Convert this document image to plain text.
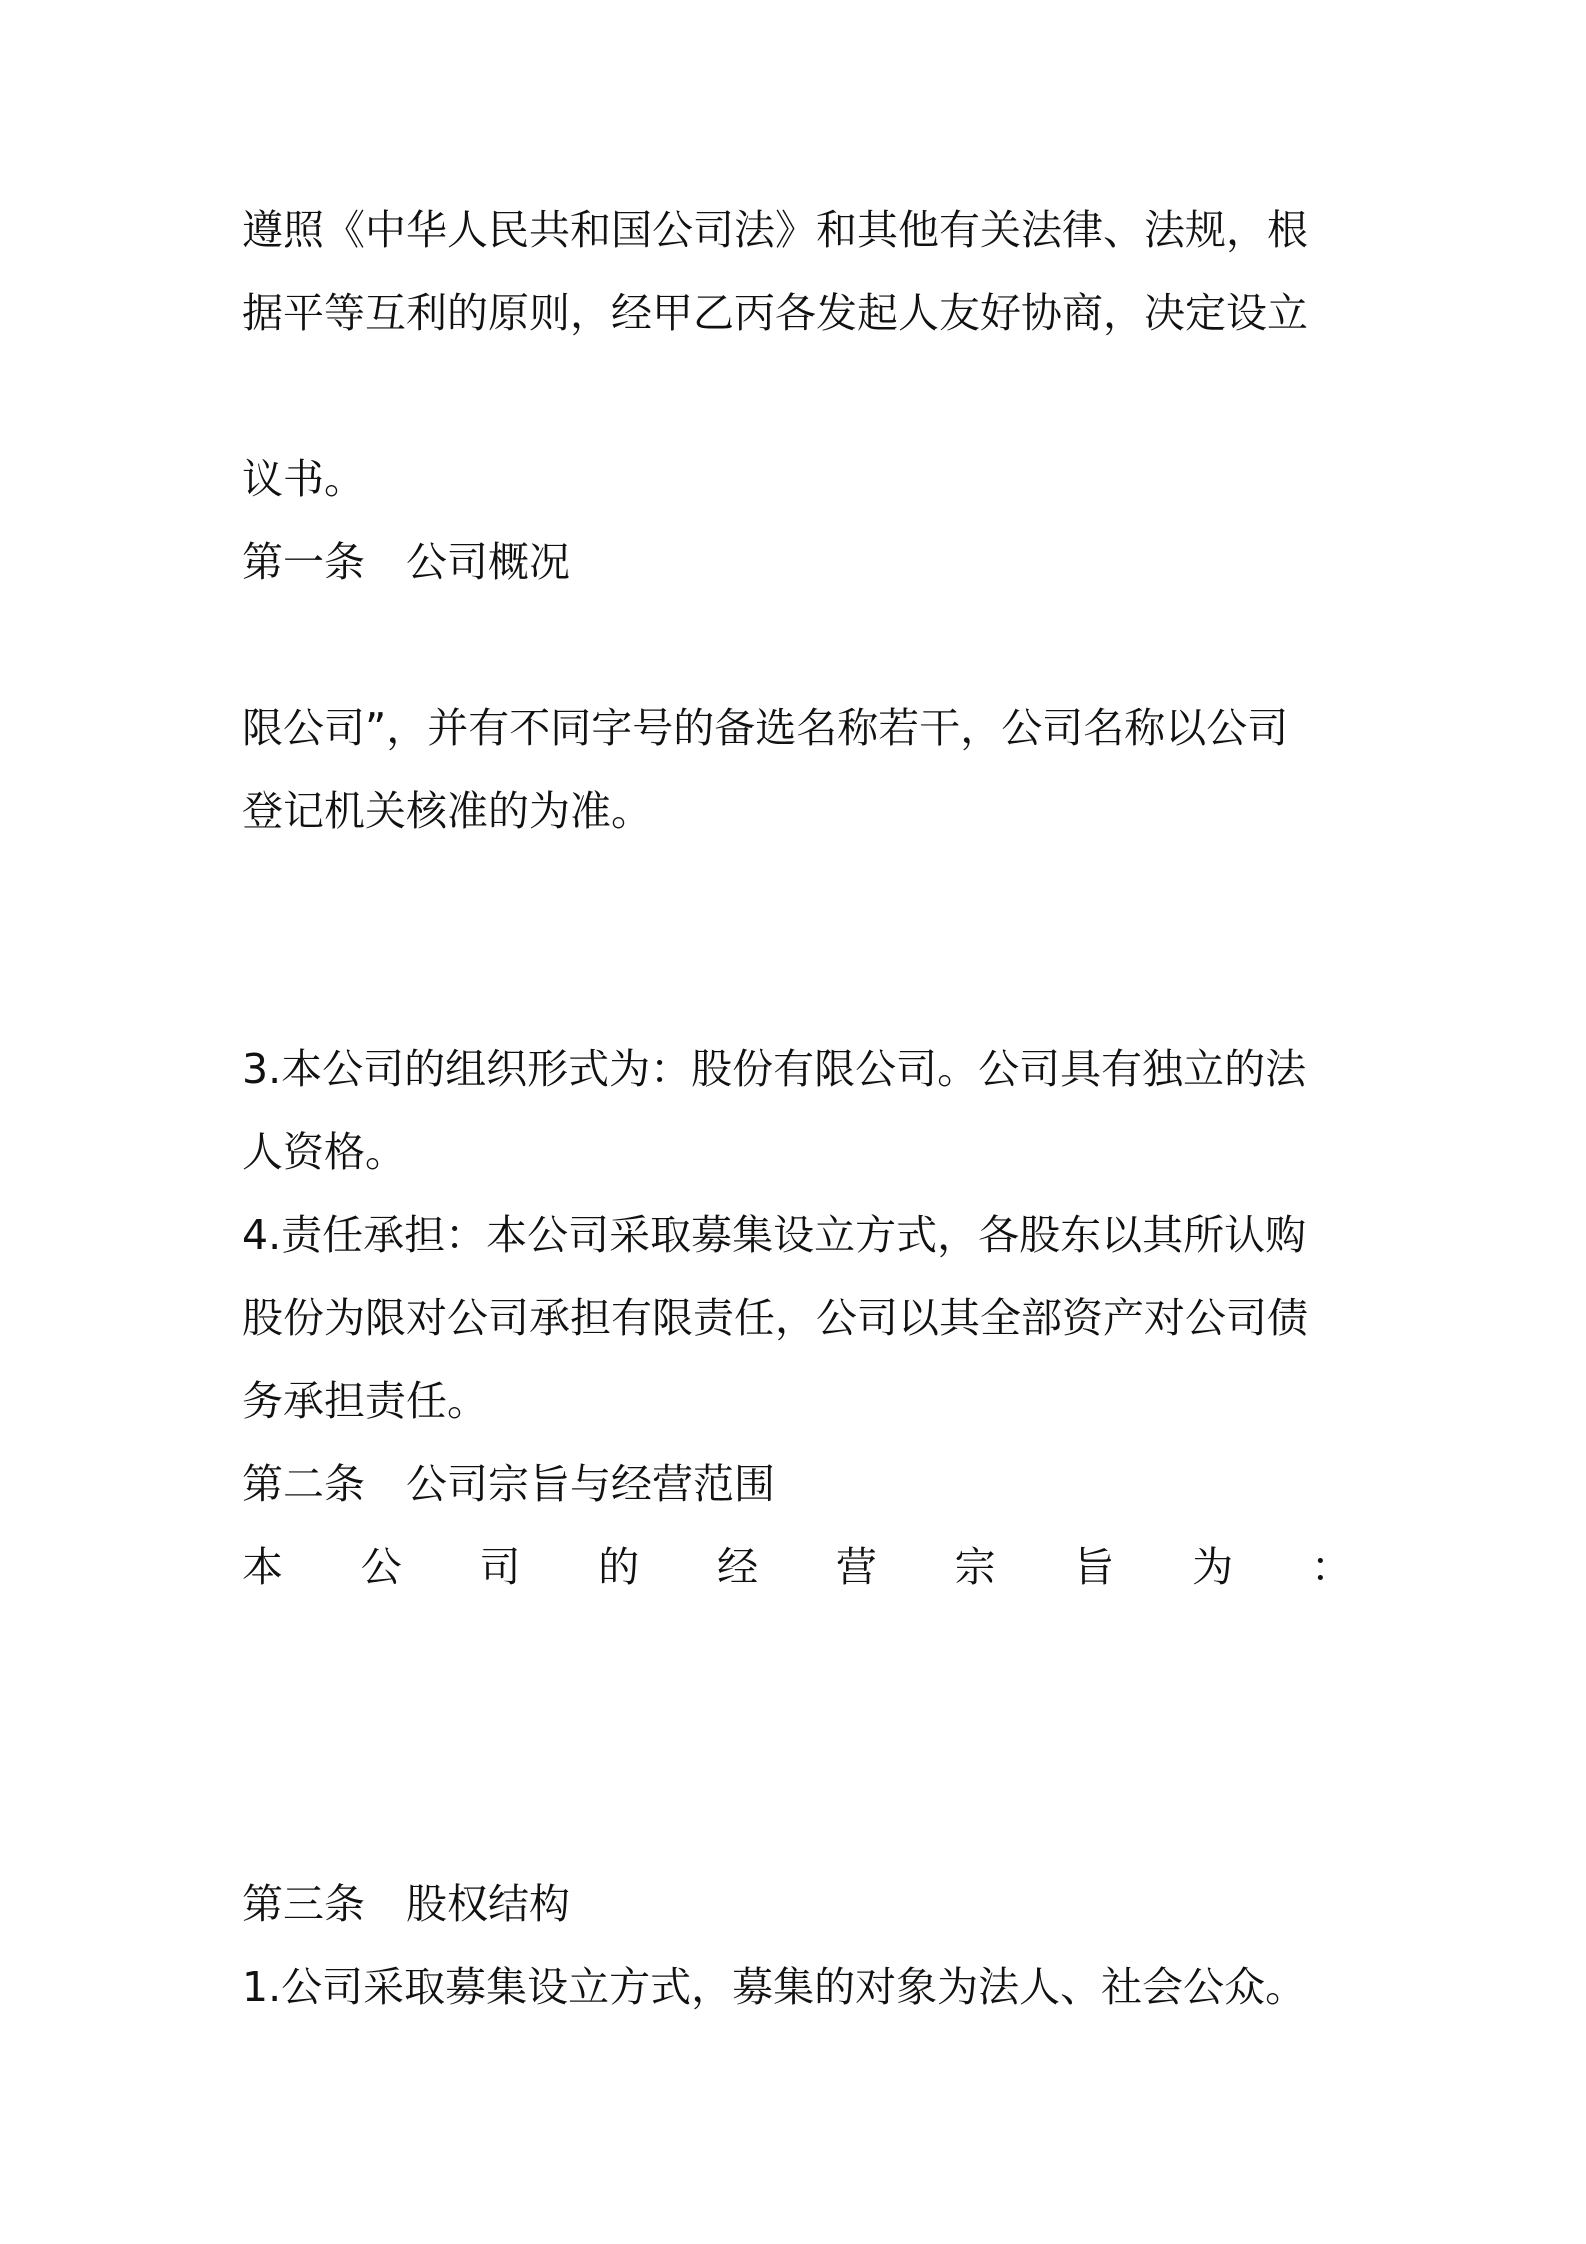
遵照《中华人民共和国公司法》和其他有关法律、法规，根
据平等互利的原则，经甲乙丙各发起人友好协商，决定设立

议书。
第一条　公司概况

限公司”，并有不同字号的备选名称若干，公司名称以公司
登记机关核准的为准。

3.本公司的组织形式为：股份有限公司。公司具有独立的法
人资格。
4.责任承担：本公司采取募集设立方式，各股东以其所认购
股份为限对公司承担有限责任，公司以其全部资产对公司债
务承担责任。
第二条　公司宗旨与经营范围
本 公 司 的 经 营 宗 旨 为 ：

第三条　股权结构
1.公司采取募集设立方式，募集的对象为法人、社会公众。
